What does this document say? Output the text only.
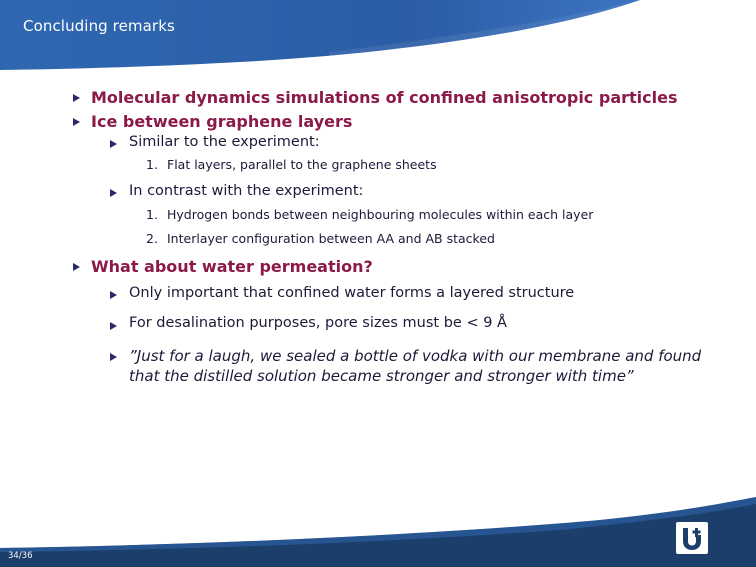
Concluding remarks
34/36
Molecular dynamics simulations of confined anisotropic particles
Ice between graphene layers
Similar to the experiment:
1. Flat layers, parallel to the graphene sheets
In contrast with the experiment:
1. Hydrogen bonds between neighbouring molecules within each layer
2. Interlayer configuration between AA and AB stacked
What about water permeation?
Only important that confined water forms a layered structure
For desalination purposes, pore sizes must be < 9 Å
”Just for a laugh, we sealed a bottle of vodka with our membrane and found that the distilled solution became stronger and stronger with time”
